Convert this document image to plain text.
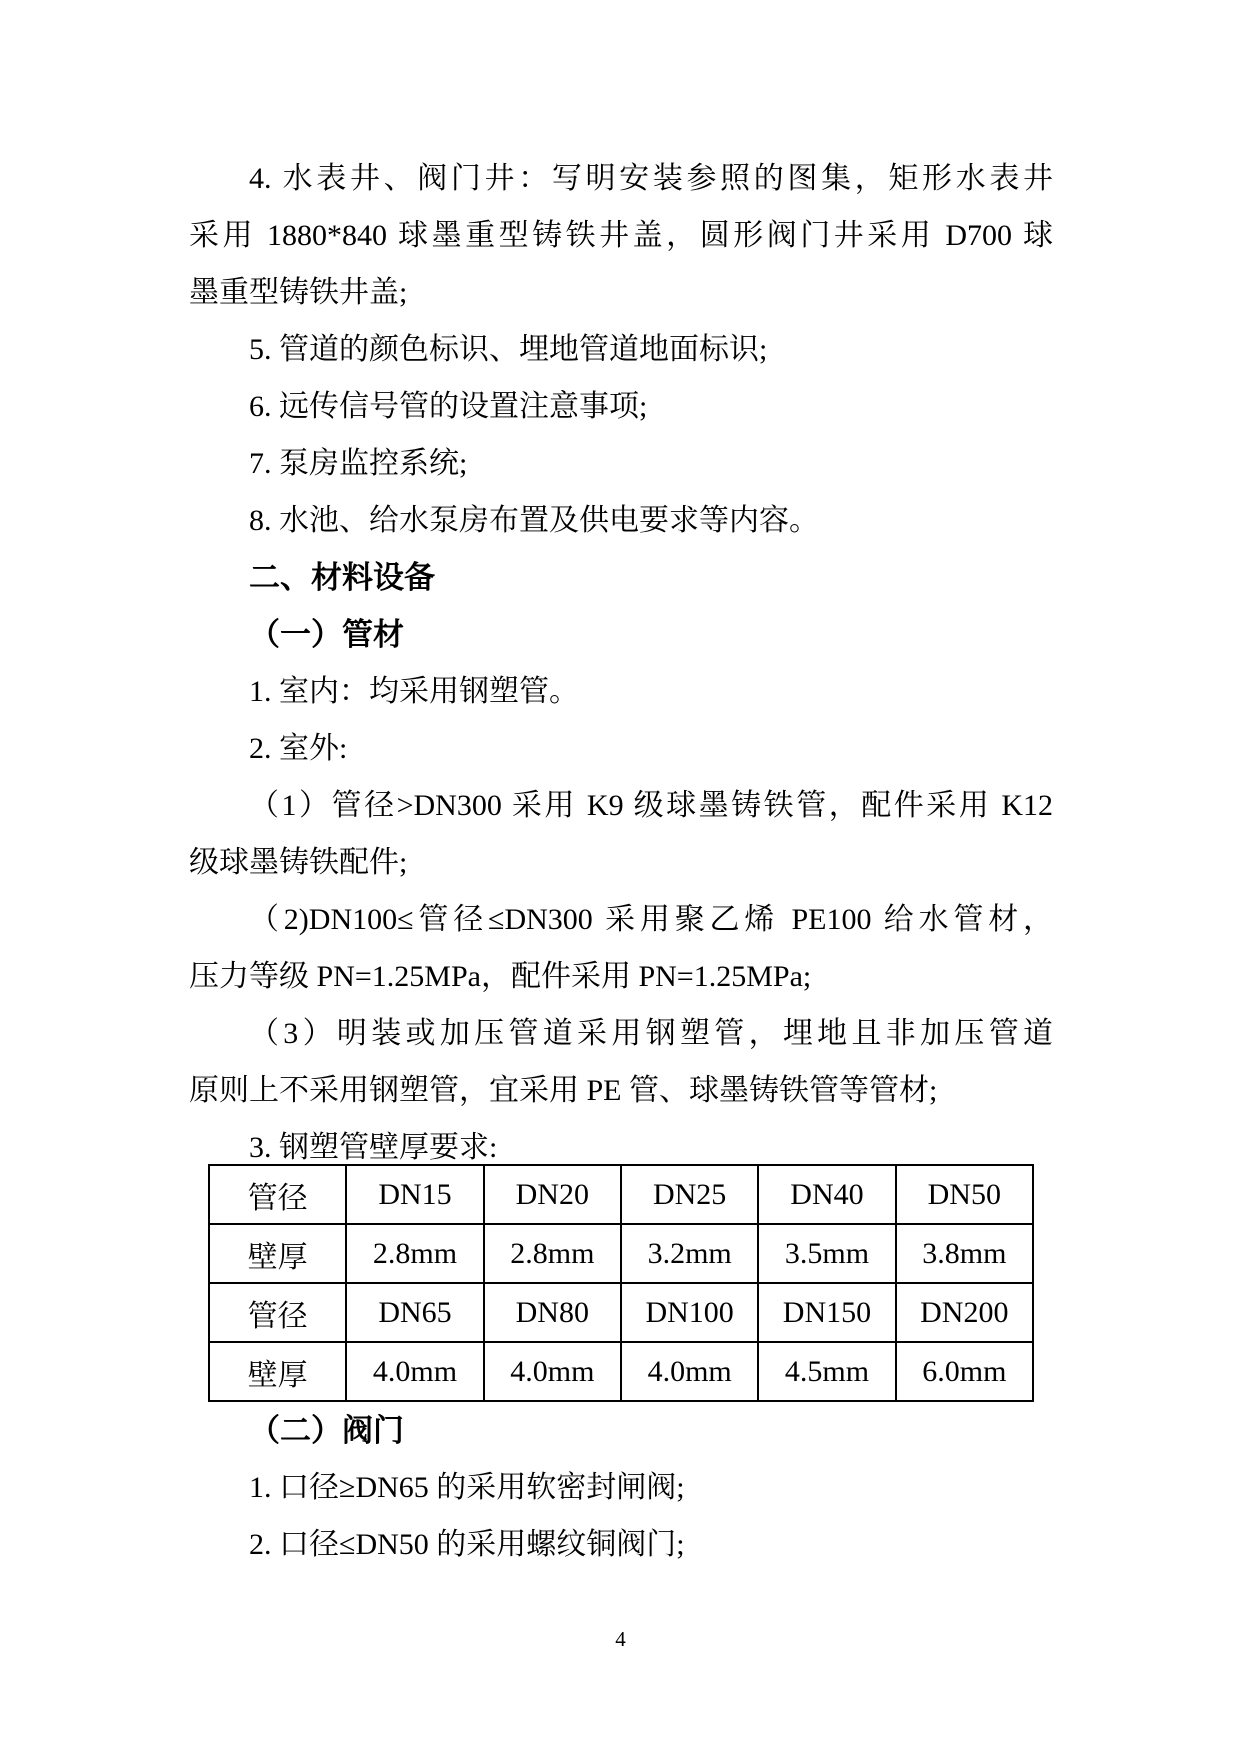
4. 水表井、阀门井：写明安装参照的图集，矩形水表井
采用 1880*840 球墨重型铸铁井盖，圆形阀门井采用 D700 球
墨重型铸铁井盖;
5. 管道的颜色标识、埋地管道地面标识;
6. 远传信号管的设置注意事项;
7. 泵房监控系统;
8. 水池、给水泵房布置及供电要求等内容。
二、材料设备
（一）管材
1. 室内：均采用钢塑管。
2. 室外:
（1）管径>DN300 采用 K9 级球墨铸铁管，配件采用 K12
级球墨铸铁配件;
（2)DN100≤管径≤DN300 采用聚乙烯 PE100 给水管材，
压力等级 PN=1.25MPa，配件采用 PN=1.25MPa;
（3）明装或加压管道采用钢塑管，埋地且非加压管道
原则上不采用钢塑管，宜采用 PE 管、球墨铸铁管等管材;
3. 钢塑管壁厚要求:
管径	DN15	DN20	DN25	DN40	DN50
壁厚	2.8mm	2.8mm	3.2mm	3.5mm	3.8mm
管径	DN65	DN80	DN100	DN150	DN200
壁厚	4.0mm	4.0mm	4.0mm	4.5mm	6.0mm
（二）阀门
1. 口径≥DN65 的采用软密封闸阀;
2. 口径≤DN50 的采用螺纹铜阀门;
4
